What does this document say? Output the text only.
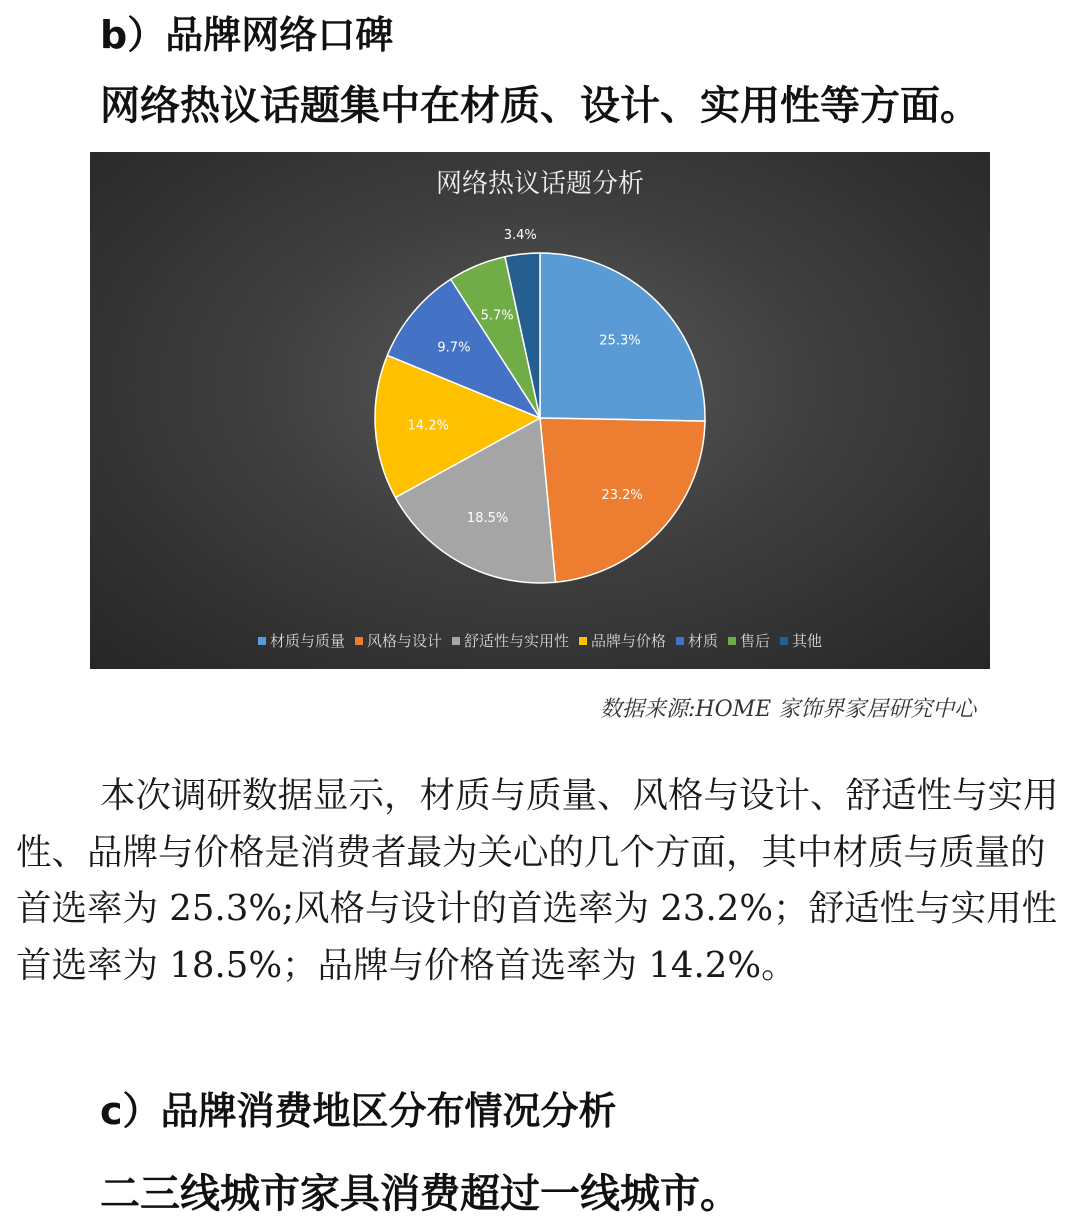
b）品牌网络口碑
网络热议话题集中在材质、设计、实用性等方面。
网络热议话题分析
25.3%
23.2%
18.5%
14.2%
9.7%
5.7%
3.4%
材质与质量 风格与设计 舒适性与实用性 品牌与价格 材质 售后 其他
数据来源:HOME 家饰界家居研究中心

本次调研数据显示，材质与质量、风格与设计、舒适性与实用性、品牌与价格是消费者最为关心的几个方面，其中材质与质量的首选率为 25.3%;风格与设计的首选率为 23.2%；舒适性与实用性首选率为 18.5%；品牌与价格首选率为 14.2%。

c）品牌消费地区分布情况分析
二三线城市家具消费超过一线城市。
